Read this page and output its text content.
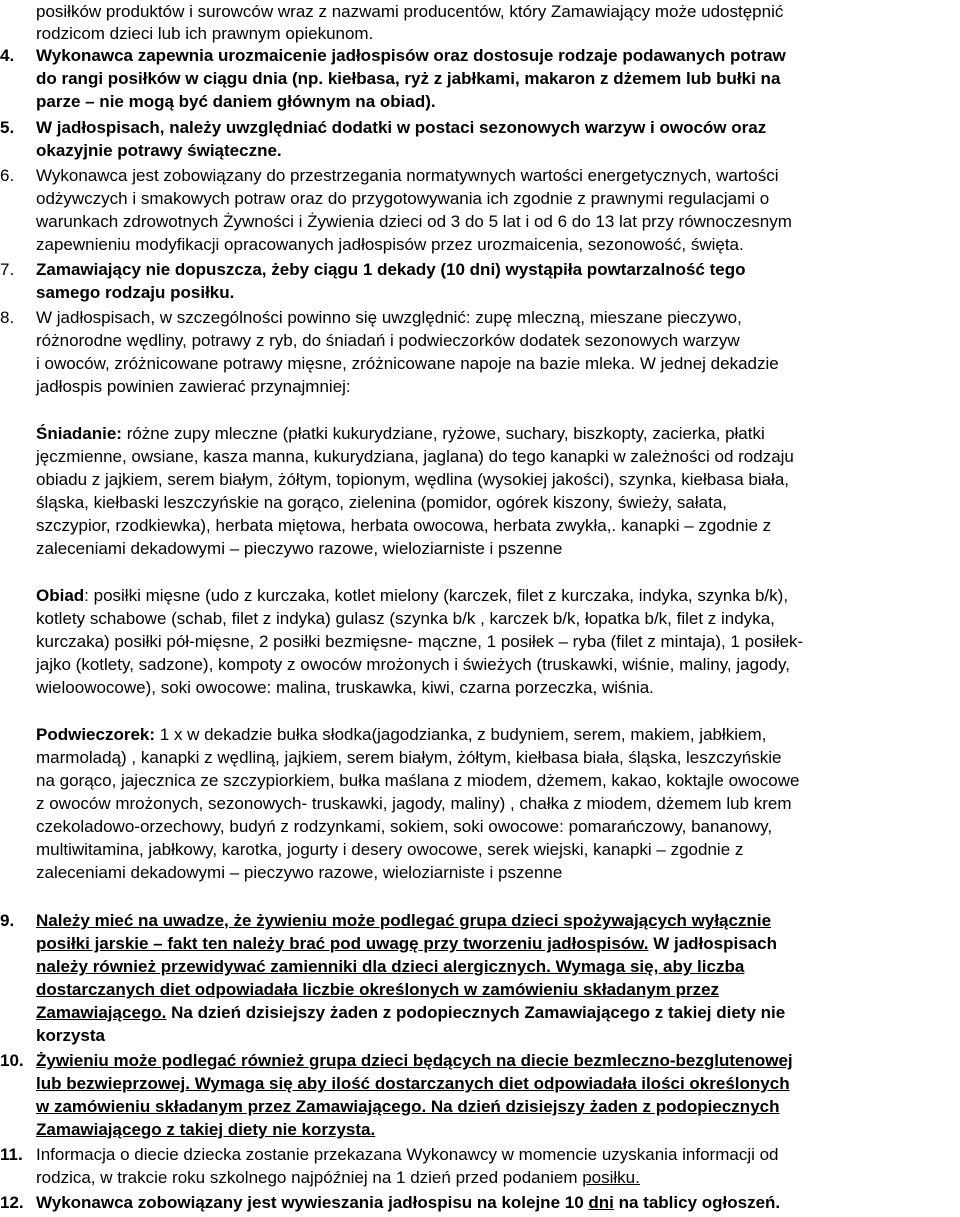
posiłków produktów i surowców wraz z nazwami producentów, który Zamawiający może udostępnić
rodzicom dzieci lub ich prawnym opiekunom.
4. Wykonawca zapewnia urozmaicenie jadłospisów oraz dostosuje rodzaje podawanych potraw
do rangi posiłków w ciągu dnia (np. kiełbasa, ryż z jabłkami, makaron z dżemem lub bułki na
parze – nie mogą być daniem głównym na obiad).
5. W jadłospisach, należy uwzględniać dodatki w postaci sezonowych warzyw i owoców oraz
okazyjnie potrawy świąteczne.
6. Wykonawca jest zobowiązany do przestrzegania normatywnych wartości energetycznych, wartości
odżywczych i smakowych potraw oraz do przygotowywania ich zgodnie z prawnymi regulacjami o
warunkach zdrowotnych Żywności i Żywienia dzieci od 3 do 5 lat i od 6 do 13 lat przy równoczesnym
zapewnieniu modyfikacji opracowanych jadłospisów przez urozmaicenia, sezonowość, święta.
7. Zamawiający nie dopuszcza, żeby ciągu 1 dekady (10 dni) wystąpiła powtarzalność tego
samego rodzaju posiłku.
8. W jadłospisach, w szczególności powinno się uwzględnić: zupę mleczną, mieszane pieczywo,
różnorodne wędliny, potrawy z ryb, do śniadań i podwieczorków dodatek sezonowych warzyw
i owoców, zróżnicowane potrawy mięsne, zróżnicowane napoje na bazie mleka. W jednej dekadzie
jadłospis powinien zawierać przynajmniej:
Śniadanie: różne zupy mleczne (płatki kukurydziane, ryżowe, suchary, biszkopty, zacierka, płatki
jęczmienne, owsiane, kasza manna, kukurydziana, jaglana) do tego kanapki w zależności od rodzaju
obiadu z jajkiem, serem białym, żółtym, topionym, wędlina (wysokiej jakości), szynka, kiełbasa biała,
śląska, kiełbaski leszczyńskie na gorąco, zielenina (pomidor, ogórek kiszony, świeży, sałata,
szczypior, rzodkiewka), herbata miętowa, herbata owocowa, herbata zwykła,. kanapki – zgodnie z
zaleceniami dekadowymi – pieczywo razowe, wieloziarniste i pszenne
Obiad: posiłki mięsne (udo z kurczaka, kotlet mielony (karczek, filet z kurczaka, indyka, szynka b/k),
kotlety schabowe (schab, filet z indyka) gulasz (szynka b/k , karczek b/k, łopatka b/k, filet z indyka,
kurczaka) posiłki pół-mięsne, 2 posiłki bezmięsne- mączne, 1 posiłek – ryba (filet z mintaja), 1 posiłek-
jajko (kotlety, sadzone), kompoty z owoców mrożonych i świeżych (truskawki, wiśnie, maliny, jagody,
wieloowocowe), soki owocowe: malina, truskawka, kiwi, czarna porzeczka, wiśnia.
Podwieczorek: 1 x w dekadzie bułka słodka(jagodzianka, z budyniem, serem, makiem, jabłkiem,
marmoladą) , kanapki z wędliną, jajkiem, serem białym, żółtym, kiełbasa biała, śląska, leszczyńskie
na gorąco, jajecznica ze szczypiorkiem, bułka maślana z miodem, dżemem, kakao, koktajle owocowe
z owoców mrożonych, sezonowych- truskawki, jagody, maliny) , chałka z miodem, dżemem lub krem
czekoladowo-orzechowy, budyń z rodzynkami, sokiem, soki owocowe: pomarańczowy, bananowy,
multiwitamina, jabłkowy, karotka, jogurty i desery owocowe, serek wiejski, kanapki – zgodnie z
zaleceniami dekadowymi – pieczywo razowe, wieloziarniste i pszenne
9. Należy mieć na uwadze, że żywieniu może podlegać grupa dzieci spożywających wyłącznie
posiłki jarskie – fakt ten należy brać pod uwagę przy tworzeniu jadłospisów. W jadłospisach
należy również przewidywać zamienniki dla dzieci alergicznych. Wymaga się, aby liczba
dostarczanych diet odpowiadała liczbie określonych w zamówieniu składanym przez
Zamawiającego. Na dzień dzisiejszy żaden z podopiecznych Zamawiającego z takiej diety nie
korzysta
10. Żywieniu może podlegać również grupa dzieci będących na diecie bezmleczno-bezglutenowej
lub bezwieprzowej. Wymaga się aby ilość dostarczanych diet odpowiadała ilości określonych
w zamówieniu składanym przez Zamawiającego. Na dzień dzisiejszy żaden z podopiecznych
Zamawiającego z takiej diety nie korzysta.
11. Informacja o diecie dziecka zostanie przekazana Wykonawcy w momencie uzyskania informacji od
rodzica, w trakcie roku szkolnego najpóźniej na 1 dzień przed podaniem posiłku.
12. Wykonawca zobowiązany jest wywieszania jadłospisu na kolejne 10 dni na tablicy ogłoszeń.
